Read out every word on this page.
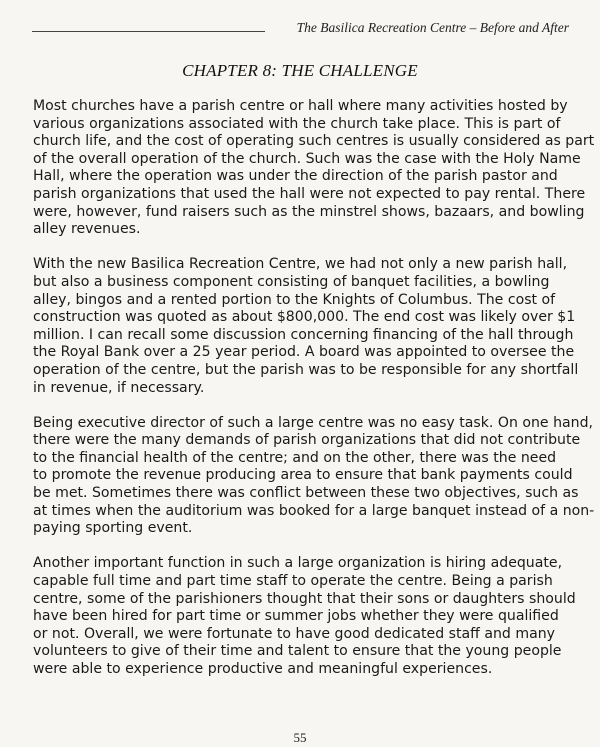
The Basilica Recreation Centre – Before and After
CHAPTER 8: THE CHALLENGE

Most churches have a parish centre or hall where many activities hosted by
various organizations associated with the church take place. This is part of
church life, and the cost of operating such centres is usually considered as part
of the overall operation of the church. Such was the case with the Holy Name
Hall, where the operation was under the direction of the parish pastor and
parish organizations that used the hall were not expected to pay rental. There
were, however, fund raisers such as the minstrel shows, bazaars, and bowling
alley revenues.

With the new Basilica Recreation Centre, we had not only a new parish hall,
but also a business component consisting of banquet facilities, a bowling
alley, bingos and a rented portion to the Knights of Columbus. The cost of
construction was quoted as about $800,000. The end cost was likely over $1
million. I can recall some discussion concerning financing of the hall through
the Royal Bank over a 25 year period. A board was appointed to oversee the
operation of the centre, but the parish was to be responsible for any shortfall
in revenue, if necessary.

Being executive director of such a large centre was no easy task. On one hand,
there were the many demands of parish organizations that did not contribute
to the financial health of the centre; and on the other, there was the need
to promote the revenue producing area to ensure that bank payments could
be met. Sometimes there was conflict between these two objectives, such as
at times when the auditorium was booked for a large banquet instead of a non-
paying sporting event.

Another important function in such a large organization is hiring adequate,
capable full time and part time staff to operate the centre. Being a parish
centre, some of the parishioners thought that their sons or daughters should
have been hired for part time or summer jobs whether they were qualified
or not. Overall, we were fortunate to have good dedicated staff and many
volunteers to give of their time and talent to ensure that the young people
were able to experience productive and meaningful experiences.

55
